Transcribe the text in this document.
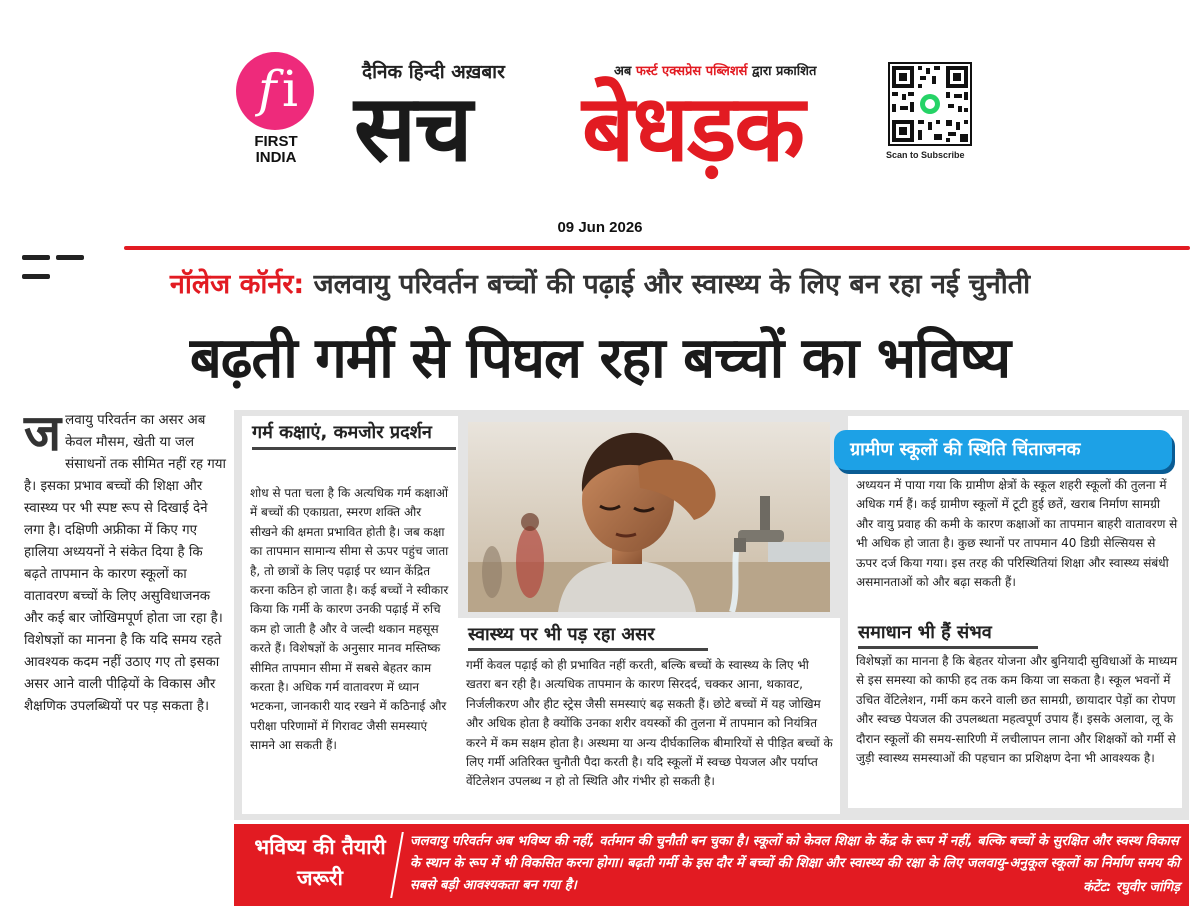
f i
FIRST INDIA
दैनिक हिन्दी अख़बार	अब फर्स्ट एक्सप्रेस पब्लिशर्स द्वारा प्रकाशित
सच बेधड़क	Scan to Subscribe
09 Jun 2026
नॉलेज कॉर्नर: जलवायु परिवर्तन बच्चों की पढ़ाई और स्वास्थ्य के लिए बन रहा नई चुनौती
बढ़ती गर्मी से पिघल रहा बच्चों का भविष्य
ज लवायु परिवर्तन का असर अब केवल मौसम, खेती या जल संसाधनों तक सीमित नहीं रह गया है। इसका प्रभाव बच्चों की शिक्षा और स्वास्थ्य पर भी स्पष्ट रूप से दिखाई देने लगा है। दक्षिणी अफ्रीका में किए गए हालिया अध्ययनों ने संकेत दिया है कि बढ़ते तापमान के कारण स्कूलों का वातावरण बच्चों के लिए असुविधाजनक और कई बार जोखिमपूर्ण होता जा रहा है। विशेषज्ञों का मानना है कि यदि समय रहते आवश्यक कदम नहीं उठाए गए तो इसका असर आने वाली पीढ़ियों के विकास और शैक्षणिक उपलब्धियों पर पड़ सकता है।
गर्म कक्षाएं, कमजोर प्रदर्शन
शोध से पता चला है कि अत्यधिक गर्म कक्षाओं में बच्चों की एकाग्रता, स्मरण शक्ति और सीखने की क्षमता प्रभावित होती है। जब कक्षा का तापमान सामान्य सीमा से ऊपर पहुंच जाता है, तो छात्रों के लिए पढ़ाई पर ध्यान केंद्रित करना कठिन हो जाता है। कई बच्चों ने स्वीकार किया कि गर्मी के कारण उनकी पढ़ाई में रुचि कम हो जाती है और वे जल्दी थकान महसूस करते हैं। विशेषज्ञों के अनुसार मानव मस्तिष्क सीमित तापमान सीमा में सबसे बेहतर काम करता है। अधिक गर्म वातावरण में ध्यान भटकना, जानकारी याद रखने में कठिनाई और परीक्षा परिणामों में गिरावट जैसी समस्याएं सामने आ सकती हैं।
स्वास्थ्य पर भी पड़ रहा असर
गर्मी केवल पढ़ाई को ही प्रभावित नहीं करती, बल्कि बच्चों के स्वास्थ्य के लिए भी खतरा बन रही है। अत्यधिक तापमान के कारण सिरदर्द, चक्कर आना, थकावट, निर्जलीकरण और हीट स्ट्रेस जैसी समस्याएं बढ़ सकती हैं। छोटे बच्चों में यह जोखिम और अधिक होता है क्योंकि उनका शरीर वयस्कों की तुलना में तापमान को नियंत्रित करने में कम सक्षम होता है। अस्थमा या अन्य दीर्घकालिक बीमारियों से पीड़ित बच्चों के लिए गर्मी अतिरिक्त चुनौती पैदा करती है। यदि स्कूलों में स्वच्छ पेयजल और पर्याप्त वेंटिलेशन उपलब्ध न हो तो स्थिति और गंभीर हो सकती है।
ग्रामीण स्कूलों की स्थिति चिंताजनक
अध्ययन में पाया गया कि ग्रामीण क्षेत्रों के स्कूल शहरी स्कूलों की तुलना में अधिक गर्म हैं। कई ग्रामीण स्कूलों में टूटी हुई छतें, खराब निर्माण सामग्री और वायु प्रवाह की कमी के कारण कक्षाओं का तापमान बाहरी वातावरण से भी अधिक हो जाता है। कुछ स्थानों पर तापमान 40 डिग्री सेल्सियस से ऊपर दर्ज किया गया। इस तरह की परिस्थितियां शिक्षा और स्वास्थ्य संबंधी असमानताओं को और बढ़ा सकती हैं।
समाधान भी हैं संभव
विशेषज्ञों का मानना है कि बेहतर योजना और बुनियादी सुविधाओं के माध्यम से इस समस्या को काफी हद तक कम किया जा सकता है। स्कूल भवनों में उचित वेंटिलेशन, गर्मी कम करने वाली छत सामग्री, छायादार पेड़ों का रोपण और स्वच्छ पेयजल की उपलब्धता महत्वपूर्ण उपाय हैं। इसके अलावा, लू के दौरान स्कूलों की समय-सारिणी में लचीलापन लाना और शिक्षकों को गर्मी से जुड़ी स्वास्थ्य समस्याओं की पहचान का प्रशिक्षण देना भी आवश्यक है।
भविष्य की तैयारी जरूरी
जलवायु परिवर्तन अब भविष्य की नहीं, वर्तमान की चुनौती बन चुका है। स्कूलों को केवल शिक्षा के केंद्र के रूप में नहीं, बल्कि बच्चों के सुरक्षित और स्वस्थ विकास के स्थान के रूप में भी विकसित करना होगा। बढ़ती गर्मी के इस दौर में बच्चों की शिक्षा और स्वास्थ्य की रक्षा के लिए जलवायु-अनुकूल स्कूलों का निर्माण समय की सबसे बड़ी आवश्यकता बन गया है।	कंटेंट: रघुवीर जांगिड़
